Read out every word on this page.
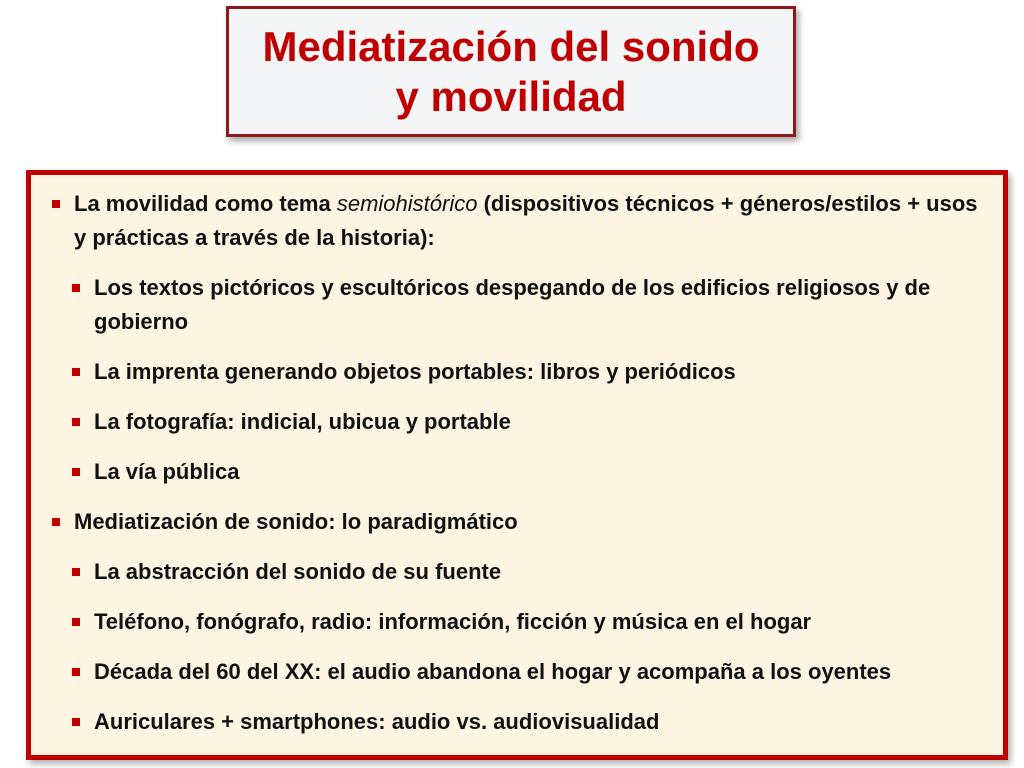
Mediatización del sonido
y movilidad
La movilidad como tema semiohistórico (dispositivos técnicos + géneros/estilos + usos y prácticas a través de la historia):
Los textos pictóricos y escultóricos despegando de los edificios religiosos y de gobierno
La imprenta generando objetos portables: libros y periódicos
La fotografía: indicial, ubicua y portable
La vía pública
Mediatización de sonido: lo paradigmático
La abstracción del sonido de su fuente
Teléfono, fonógrafo, radio: información, ficción y música en el hogar
Década del 60 del XX: el audio abandona el hogar y acompaña a los oyentes
Auriculares + smartphones: audio vs. audiovisualidad
